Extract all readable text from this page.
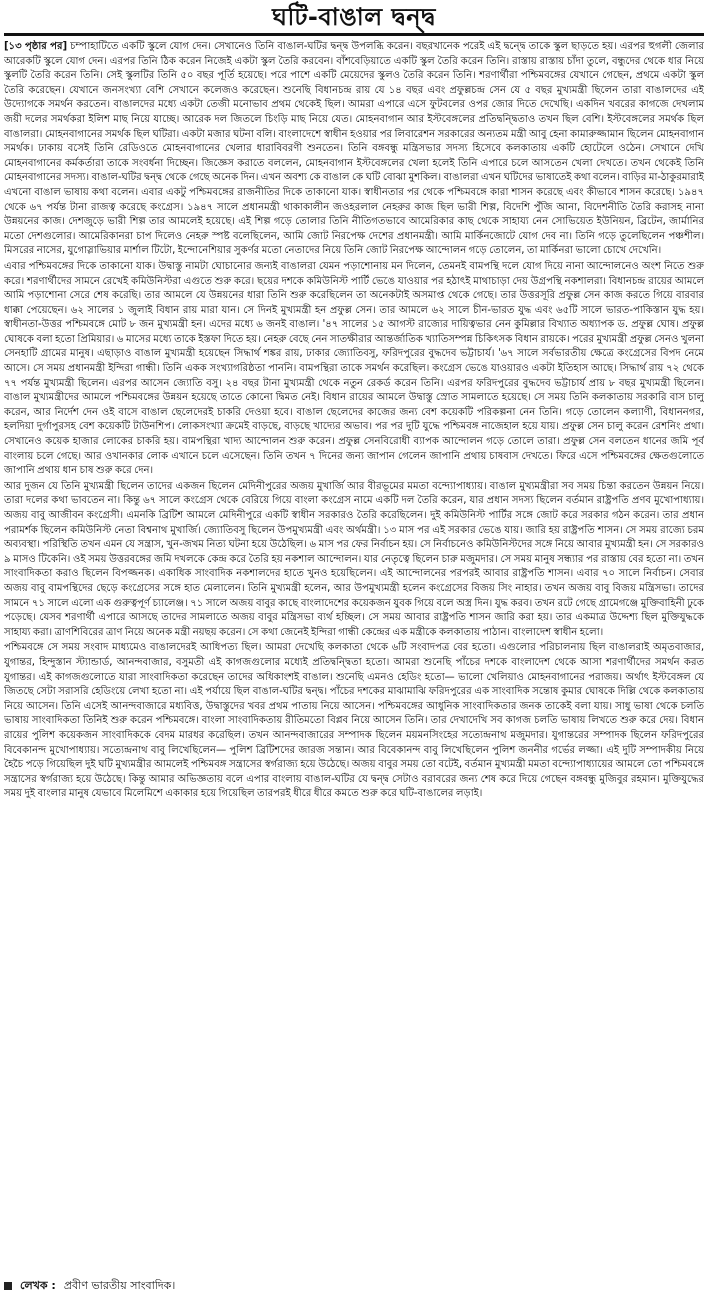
ঘটি-বাঙাল দ্বন্দ্ব

[১৩ পৃষ্ঠার পর] চম্পাহাটিতে একটি স্কুলে যোগ দেন। সেখানেও তিনি বাঙাল-ঘটির দ্বন্দ্ব উপলব্ধি করেন। বছরখানেক পরেই এই দ্বন্দ্বে তাকে স্কুল ছাড়তে হয়। এরপর হুগলী জেলার আরেকটি স্কুলে যোগ দেন। এরপর তিনি ঠিক করেন নিজেই একটা স্কুল তৈরি করবেন। বাঁশবেড়িয়াতে একটি স্কুল তৈরি করেন তিনি। রাস্তায় রাস্তায় চাঁদা তুলে, বন্ধুদের থেকে ধার নিয়ে স্কুলটি তৈরি করেন তিনি। সেই স্কুলটির তিনি ৫০ বছর পূর্তি হয়েছে। পরে পাশে একটি মেয়েদের স্কুলও তৈরি করেন তিনি। শরণার্থীরা পশ্চিমবঙ্গের যেখানে গেছেন, প্রথমে একটা স্কুল তৈরি করেছেন। যেখানে জনসংখ্যা বেশি সেখানে কলেজও করেছেন। শুনেছি বিধানচন্দ্র রায় যে ১৪ বছর এবং প্রফুল্লচন্দ্র সেন যে ৫ বছর মুখ্যমন্ত্রী ছিলেন তারা বাঙালদের এই উদ্যোগকে সমর্থন করতেন। বাঙালদের মধ্যে একটা তেজী মনোভাব প্রথম থেকেই ছিল। আমরা এপারে এসে ফুটবলের ওপর জোর দিতে দেখেছি। একদিন খবরের কাগজে দেখলাম জয়ী দলের সমর্থকরা ইলিশ মাছ নিয়ে যাচ্ছে। আরেক দল জিতলে চিংড়ি মাছ নিয়ে যেত। মোহনবাগান আর ইস্টবেঙ্গলের প্রতিদ্বন্দ্বিতাও তখন ছিল বেশি। ইস্টবেঙ্গলের সমর্থক ছিল বাঙালরা। মোহনবাগানের সমর্থক ছিল ঘটিরা। একটা মজার ঘটনা বলি। বাংলাদেশে স্বাধীন হওয়ার পর লিবারেশন সরকারের অন্যতম মন্ত্রী আবু হেনা কামারুজ্জামান ছিলেন মোহনবাগান সমর্থক। ঢাকায় বসেই তিনি রেডিওতে মোহনবাগানের খেলার ধারাবিবরণী শুনতেন। তিনি বঙ্গবন্ধু মন্ত্রিসভার সদস্য হিসেবে কলকাতায় একটি হোটেলে ওঠেন। সেখানে দেখি মোহনবাগানের কর্মকর্তারা তাকে সংবর্ধনা দিচ্ছেন। জিজ্ঞেস করাতে বললেন, মোহনবাগান ইস্টবেঙ্গলের খেলা হলেই তিনি এপারে চলে আসতেন খেলা দেখতে। তখন থেকেই তিনি মোহনবাগানের সদস্য। বাঙাল-ঘটির দ্বন্দ্ব থেকে গেছে অনেক দিন। এখন অবশ্য কে বাঙাল কে ঘটি বোঝা মুশকিল। বাঙালরা এখন ঘটিদের ভাষাতেই কথা বলেন। বাড়ির মা-ঠাকুরমারাই এখনো বাঙাল ভাষায় কথা বলেন। এবার একটু পশ্চিমবঙ্গের রাজনীতির দিকে তাকানো যাক। স্বাধীনতার পর থেকে পশ্চিমবঙ্গে কারা শাসন করেছে এবং কীভাবে শাসন করেছে। ১৯৪৭ থেকে ৬৭ পর্যন্ত টানা রাজত্ব করেছে কংগ্রেস। ১৯৪৭ সালে প্রধানমন্ত্রী থাকাকালীন জওহরলাল নেহরুর কাজ ছিল ভারী শিল্প, বিদেশি পুঁজি আনা, বিদেশনীতি তৈরি করাসহ নানা উন্নয়নের কাজ। দেশজুড়ে ভারী শিল্প তার আমলেই হয়েছে। এই শিল্প গড়ে তোলার তিনি নীতিগতভাবে আমেরিকার কাছ থেকে সাহায্য নেন সোভিয়েত ইউনিয়ন, ব্রিটেন, জার্মানির মতো দেশগুলোর। আমেরিকানরা চাপ দিলেও নেহরু স্পষ্ট বলেছিলেন, আমি জোট নিরপেক্ষ দেশের প্রধানমন্ত্রী। আমি মার্কিনজোটে যোগ দেব না। তিনি গড়ে তুলেছিলেন পঞ্চশীল। মিসরের নাসের, যুগোস্লাভিয়ার মার্শাল টিটো, ইন্দোনেশিয়ার সুকর্ণর মতো নেতাদের নিয়ে তিনি জোট নিরপেক্ষ আন্দোলন গড়ে তোলেন, তা মার্কিনরা ভালো চোখে দেখেনি।

এবার পশ্চিমবঙ্গের দিকে তাকানো যাক। উদ্বাস্তু নামটা ঘোচানোর জন্যই বাঙালরা যেমন পড়াশোনায় মন দিলেন, তেমনই বামপন্থি দলে যোগ দিয়ে নানা আন্দোলনেও অংশ নিতে শুরু করে। শরণার্থীদের সামনে রেখেই কমিউনিস্টরা এগুতে শুরু করে। ছয়ের দশকে কমিউনিস্ট পার্টি ভেঙে যাওয়ার পর হঠাৎই মাথাচাড়া দেয় উগ্রপন্থি নকশালরা। বিধানচন্দ্র রায়ের আমলে আমি পড়াশোনা সেরে শেষ করেছি। তার আমলে যে উন্নয়নের ধারা তিনি শুরু করেছিলেন তা অনেকটাই অসমাপ্ত থেকে গেছে। তার উত্তরসূরি প্রফুল্ল সেন কাজ করতে গিয়ে বারবার ধাক্কা পেয়েছেন। ৬২ সালের ১ জুলাই বিধান রায় মারা যান। সে দিনই মুখ্যমন্ত্রী হন প্রফুল্ল সেন। তার আমলে ৬২ সালে চীন-ভারত যুদ্ধ এবং ৬৫টি সালে ভারত-পাকিস্তান যুদ্ধ হয়। স্বাধীনতা-উত্তর পশ্চিমবঙ্গে মোট ৮ জন মুখ্যমন্ত্রী হন। এদের মধ্যে ৬ জনই বাঙাল। '৪৭ সালের ১৫ আগস্ট রাজ্যের দায়িত্বভার নেন কুমিল্লার বিখ্যাত অধ্যাপক ড. প্রফুল্ল ঘোষ। প্রফুল্ল ঘোষকে বলা হতো প্রিমিয়ার। ৬ মাসের মধ্যে তাকে ইস্তফা দিতে হয়। নেহরু বেছে নেন সাতক্ষীরার আন্তর্জাতিক খ্যাতিসম্পন্ন চিকিৎসক বিধান রায়কে। পরের মুখ্যমন্ত্রী প্রফুল্ল সেনও খুলনা সেনহাটি গ্রামের মানুষ। এছাড়াও বাঙাল মুখ্যমন্ত্রী হয়েছেন সিদ্ধার্থ শঙ্কর রায়, ঢাকার জ্যোতিবসু, ফরিদপুরের বুদ্ধদেব ভট্টাচার্য। '৬৭ সালে সর্বভারতীয় ক্ষেত্রে কংগ্রেসের বিপদ নেমে আসে। সে সময় প্রধানমন্ত্রী ইন্দিরা গান্ধী। তিনি একক সংখ্যাগরিষ্ঠতা পাননি। বামপন্থিরা তাকে সমর্থন করেছিল। কংগ্রেস ভেঙে যাওয়ারও একটা ইতিহাস আছে। সিদ্ধার্থ রায় ৭২ থেকে ৭৭ পর্যন্ত মুখ্যমন্ত্রী ছিলেন। এরপর আসেন জ্যোতি বসু। ২৪ বছর টানা মুখ্যমন্ত্রী থেকে নতুন রেকর্ড করেন তিনি। এরপর ফরিদপুরের বুদ্ধদেব ভট্টাচার্য প্রায় ৮ বছর মুখ্যমন্ত্রী ছিলেন। বাঙাল মুখ্যমন্ত্রীদের আমলে পশ্চিমবঙ্গের উন্নয়ন হয়েছে তাতে কোনো দ্বিমত নেই। বিধান রায়ের আমলে উদ্বাস্তু স্রোত সামলাতে হয়েছে। সে সময় তিনি কলকাতায় সরকারি বাস চালু করেন, আর নির্দেশ দেন ওই বাসে বাঙাল ছেলেদেরই চাকরি দেওয়া হবে। বাঙাল ছেলেদের কাজের জন্য বেশ কয়েকটি পরিকল্পনা নেন তিনি। গড়ে তোলেন কল্যাণী, বিধাননগর, হলদিয়া দুর্গাপুরসহ বেশ কয়েকটি টাউনশিপ। লোকসংখ্যা ক্রমেই বাড়ছে, বাড়ছে খাদ্যের অভাব। পর পর দুটি যুদ্ধে পশ্চিমবঙ্গ নাজেহাল হয়ে যায়। প্রফুল্ল সেন চালু করেন রেশনিং প্রথা। সেখানেও কয়েক হাজার লোকের চাকরি হয়। বামপন্থিরা খাদ্য আন্দোলন শুরু করেন। প্রফুল্ল সেনবিরোধী ব্যাপক আন্দোলন গড়ে তোলে তারা। প্রফুল্ল সেন বলতেন ধানের জমি পূর্ব বাংলায় চলে গেছে। আর ওখানকার লোক এখানে চলে এসেছেন। তিনি তখন ৭ দিনের জন্য জাপান গেলেন জাপানি প্রথায় চাষবাস দেখতে। ফিরে এসে পশ্চিমবঙ্গের ক্ষেতগুলোতে জাপানি প্রথায় ধান চাষ শুরু করে দেন।

আর দুজন যে তিনি মুখ্যমন্ত্রী ছিলেন তাদের একজন ছিলেন মেদিনীপুরের অজয় মুখার্জি আর বীরভূমের মমতা বন্দ্যোপাধ্যায়। বাঙাল মুখ্যমন্ত্রীরা সব সময় চিন্তা করতেন উন্নয়ন নিয়ে। তারা দলের কথা ভাবতেন না। কিন্তু ৬৭ সালে কংগ্রেস থেকে বেরিয়ে গিয়ে বাংলা কংগ্রেস নামে একটি দল তৈরি করেন, যার প্রধান সদস্য ছিলেন বর্তমান রাষ্ট্রপতি প্রণব মুখোপাধ্যায়। অজয় বাবু আজীবন কংগ্রেসী। এমনকি ব্রিটিশ আমলে মেদিনীপুরে একটি স্বাধীন সরকারও তৈরি করেছিলেন। দুই কমিউনিস্ট পার্টির সঙ্গে জোট করে সরকার গঠন করেন। তার প্রধান পরামর্শক ছিলেন কমিউনিস্ট নেতা বিশ্বনাথ মুখার্জি। জ্যোতিবসু ছিলেন উপমুখ্যমন্ত্রী এবং অর্থমন্ত্রী। ১৩ মাস পর এই সরকার ভেঙে যায়। জারি হয় রাষ্ট্রপতি শাসন। সে সময় রাজ্যে চরম অব্যবস্থা। পরিস্থিতি তখন এমন যে সন্ত্রাস, খুন-জখম নিত্য ঘটনা হয়ে উঠেছিল। ৬ মাস পর ফের নির্বাচন হয়। সে নির্বাচনেও কমিউনিস্টদের সঙ্গে নিয়ে আবার মুখ্যমন্ত্রী হন। সে সরকারও ৯ মাসও টিকেনি। ওই সময় উত্তরবঙ্গের জমি দখলকে কেন্দ্র করে তৈরি হয় নকশাল আন্দোলন। যার নেতৃত্বে ছিলেন চারু মজুমদার। সে সময় মানুষ সন্ধ্যার পর রাস্তায় বের হতো না। তখন সাংবাদিকতা করাও ছিলেন বিপজ্জনক। একাধিক সাংবাদিক নকশালদের হাতে খুনও হয়েছিলেন। এই আন্দোলনের পরপরই আবার রাষ্ট্রপতি শাসন। এবার ৭০ সালে নির্বাচন। সেবার অজয় বাবু বামপন্থিদের ছেড়ে কংগ্রেসের সঙ্গে হাত মেলালেন। তিনি মুখ্যমন্ত্রী হলেন, আর উপমুখ্যমন্ত্রী হলেন কংগ্রেসের বিজয় সিং নাহার। তখন অজয় বাবু বিজয় মন্ত্রিসভা। তাদের সামনে ৭১ সালে এলো এক গুরুত্বপূর্ণ চ্যালেঞ্জ। ৭১ সালে অজয় বাবুর কাছে বাংলাদেশের কয়েকজন যুবক গিয়ে বলে অস্ত্র দিন। যুদ্ধ করব। তখন রটে গেছে গ্রামেগঞ্জে মুক্তিবাহিনী ঢুকে পড়েছে। যেসব শরণার্থী এপারে আসছে তাদের সামলাতে অজয় বাবুর মন্ত্রিসভা ব্যর্থ হচ্ছিল। সে সময় আবার রাষ্ট্রপতি শাসন জারি করা হয়। তার একমাত্র উদ্দেশ্য ছিল মুক্তিযুদ্ধকে সাহায্য করা। ত্রাণশিবিরের ত্রাণ নিয়ে অনেক মন্ত্রী নয়ছয় করেন। সে কথা জেনেই ইন্দিরা গান্ধী কেন্দ্রের এক মন্ত্রীকে কলকাতায় পাঠান। বাংলাদেশ স্বাধীন হলো।

পশ্চিমবঙ্গে সে সময় সংবাদ মাধ্যমেও বাঙালদেরই আধিপত্য ছিল। আমরা দেখেছি কলকাতা থেকে ৬টি সংবাদপত্র বের হতো। এগুলোর পরিচালনায় ছিল বাঙালরাই অমৃতবাজার, যুগান্তর, হিন্দুস্তান স্ট্যান্ডার্ড, আনন্দবাজার, বসুমতী এই কাগজগুলোর মধ্যেই প্রতিদ্বন্দ্বিতা হতো। আমরা শুনেছি পাঁচের দশকে বাংলাদেশ থেকে আসা শরণার্থীদের সমর্থন করত যুগান্তর। এই কাগজগুলোতে যারা সাংবাদিকতা করেছেন তাদের অধিকাংশই বাঙাল। শুনেছি এমনও হেডিং হতো— ভালো খেলিয়াও মোহনবাগানের পরাজয়। অর্থাৎ ইস্টবেঙ্গল যে জিতছে সেটা সরাসরি হেডিংয়ে লেখা হতো না। এই পর্যায়ে ছিল বাঙাল-ঘটির দ্বন্দ্ব। পাঁচের দশকের মাঝামাঝি ফরিদপুরের এক সাংবাদিক সন্তোষ কুমার ঘোষকে দিল্লি থেকে কলকাতায় নিয়ে আসেন। তিনি এসেই আনন্দবাজারে মধ্যবিত্ত, উদ্বাস্তুদের খবর প্রথম পাতায় নিয়ে আসেন। পশ্চিমবঙ্গের আধুনিক সাংবাদিকতার জনক তাকেই বলা যায়। সাধু ভাষা থেকে চলতি ভাষায় সাংবাদিকতা তিনিই শুরু করেন পশ্চিমবঙ্গে। বাংলা সাংবাদিকতায় রীতিমতো বিপ্লব নিয়ে আসেন তিনি। তার দেখাদেখি সব কাগজ চলতি ভাষায় লিখতে শুরু করে দেয়। বিধান রায়ের পুলিশ কয়েকজন সাংবাদিককে বেদম মারধর করেছিল। তখন আনন্দবাজারের সম্পাদক ছিলেন ময়মনসিংহের সত্যেন্দ্রনাথ মজুমদার। যুগান্তরের সম্পাদক ছিলেন ফরিদপুরের বিবেকানন্দ মুখোপাধ্যায়। সত্যেন্দ্রনাথ বাবু লিখেছিলেন— পুলিশ ব্রিটিশদের জারজ সন্তান। আর বিবেকানন্দ বাবু লিখেছিলেন পুলিশ জননীর গর্ভের লজ্জা। এই দুটি সম্পাদকীয় নিয়ে হৈচৈ পড়ে গিয়েছিল দুই ঘটি মুখ্যমন্ত্রীর আমলেই পশ্চিমবঙ্গ সন্ত্রাসের স্বর্গরাজ্য হয়ে উঠেছে। অজয় বাবুর সময় তো বটেই, বর্তমান মুখ্যমন্ত্রী মমতা বন্দ্যোপাধ্যায়ের আমলে তো পশ্চিমবঙ্গে সন্ত্রাসের স্বর্গরাজ্য হয়ে উঠেছে। কিন্তু আমার অভিজ্ঞতায় বলে এপার বাংলায় বাঙাল-ঘটির যে দ্বন্দ্ব সেটাও বরাবরের জন্য শেষ করে দিয়ে গেছেন বঙ্গবন্ধু মুজিবুর রহমান। মুক্তিযুদ্ধের সময় দুই বাংলার মানুষ যেভাবে মিলেমিশে একাকার হয়ে গিয়েছিল তারপরই ধীরে ধীরে কমতে শুরু করে ঘটি-বাঙালের লড়াই।

লেখক : প্রবীণ ভারতীয় সাংবাদিক।
